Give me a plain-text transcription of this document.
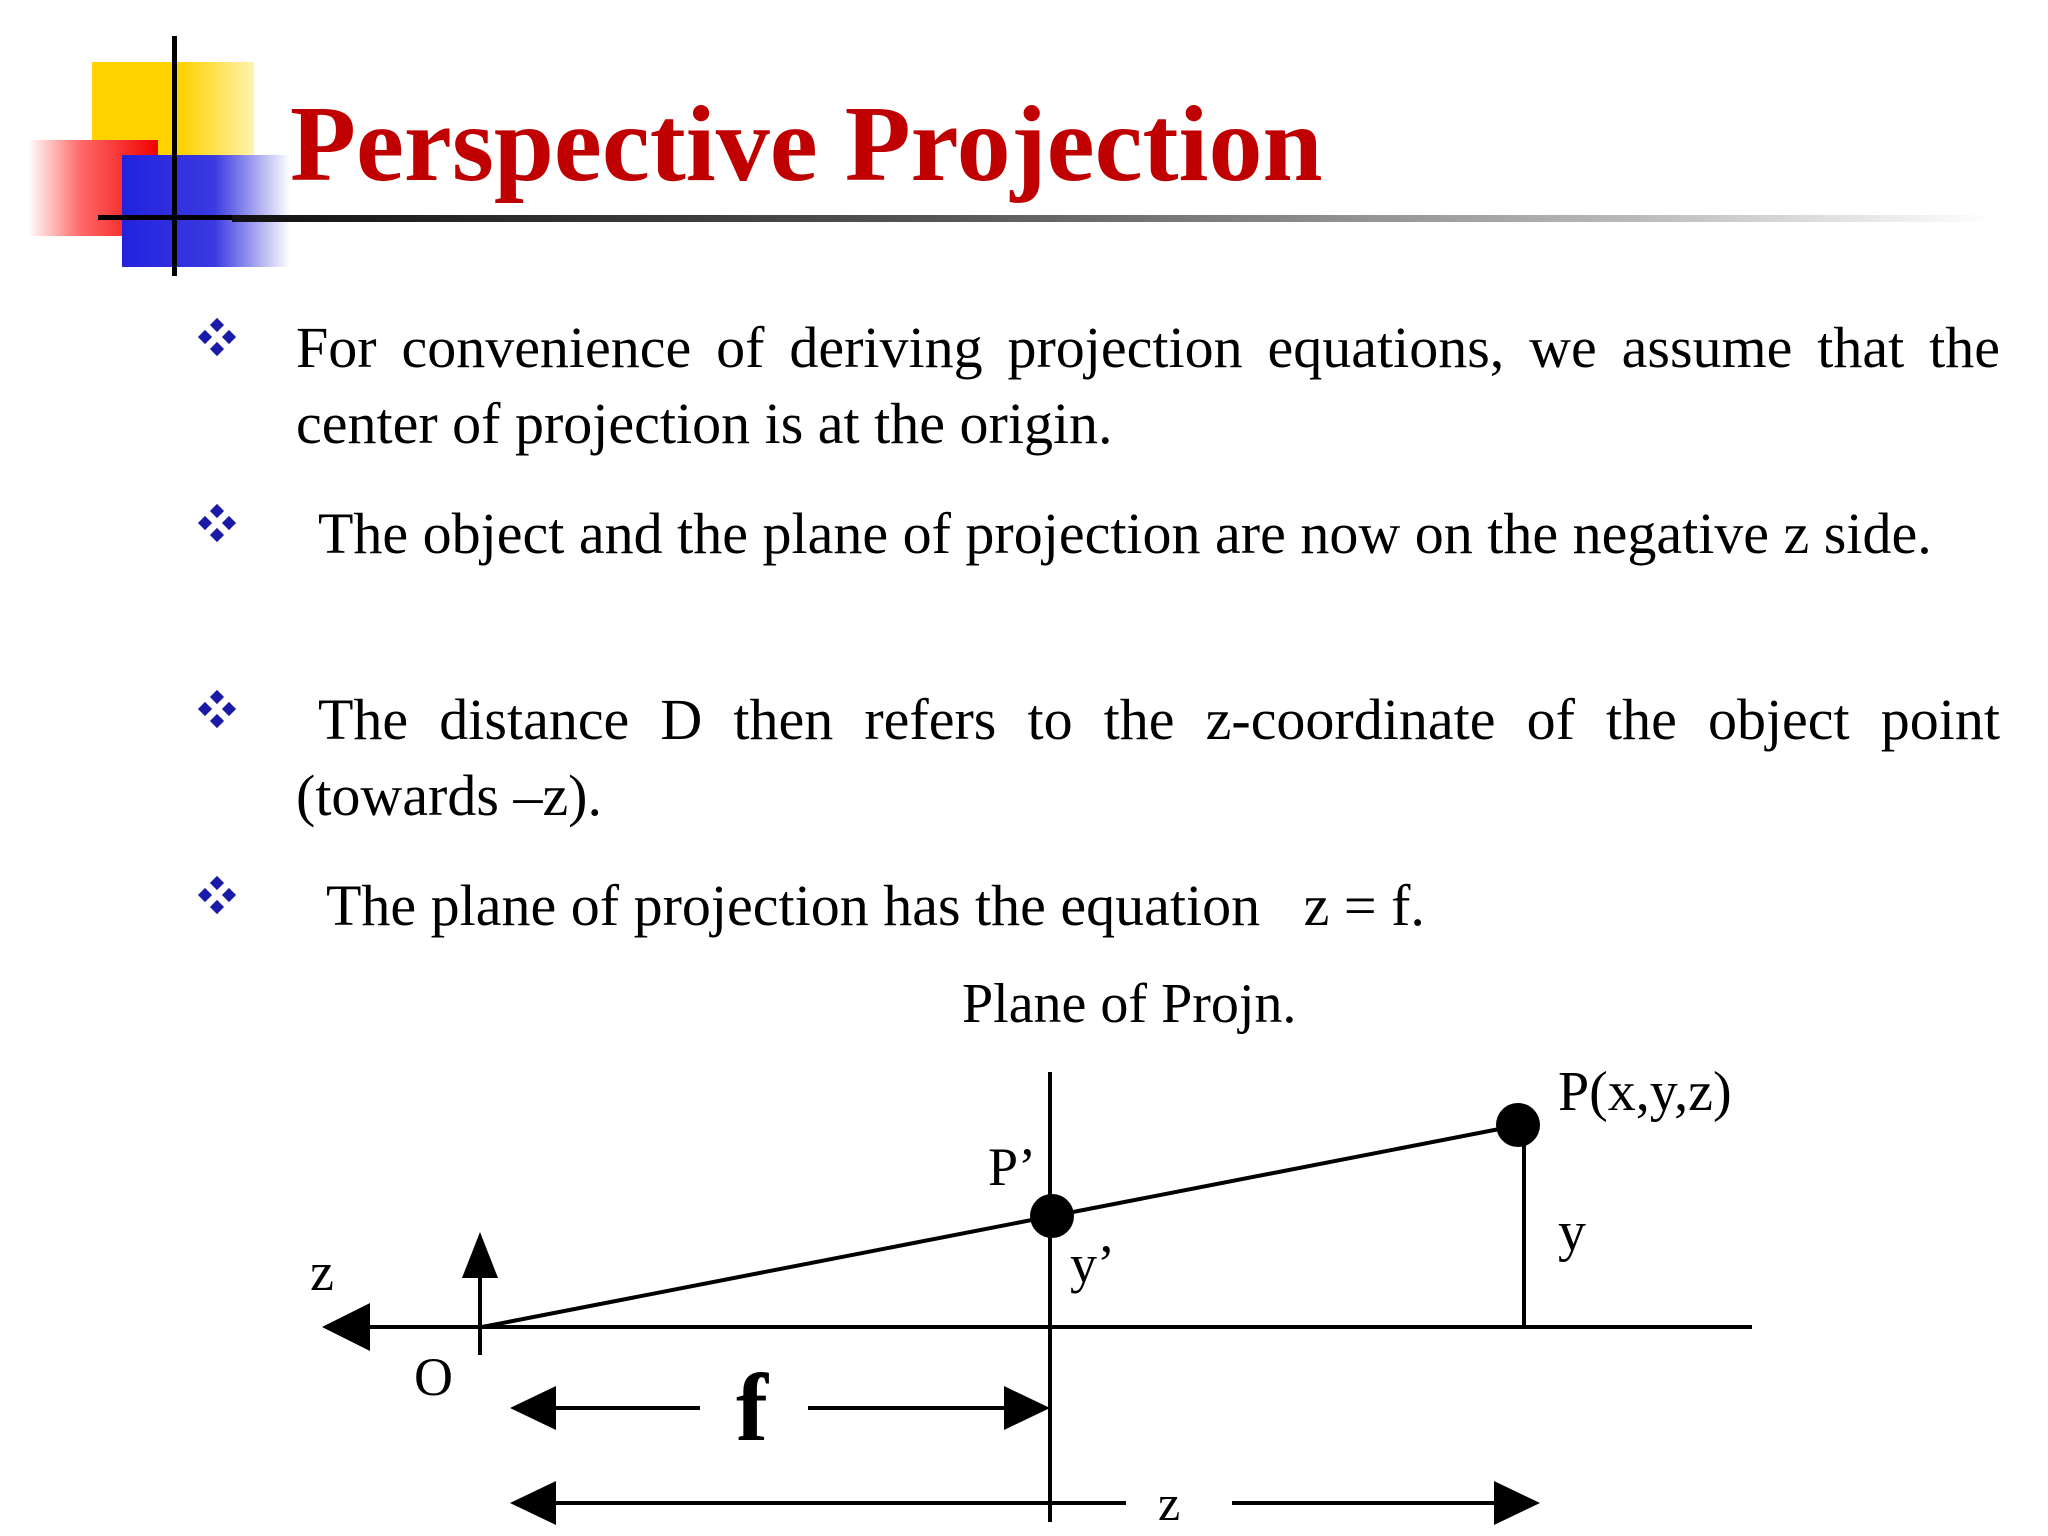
Perspective Projection
For convenience of deriving projection equations, we assume that the center of projection is at the origin.
The object and the plane of projection are now on the negative z side.
The distance D then refers to the z-coordinate of the object point (towards –z).
The plane of projection has the equation   z = f.
Plane of Projn.
P(x,y,z)
P’
z
O
y
y’
f
z
